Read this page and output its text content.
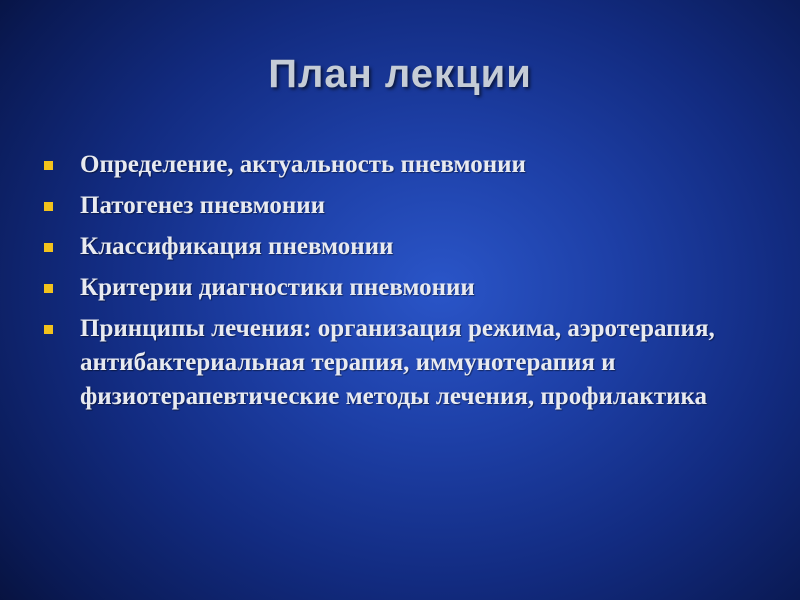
План лекции
Определение, актуальность пневмонии
Патогенез пневмонии
Классификация пневмонии
Критерии диагностики пневмонии
Принципы лечения: организация режима, аэротерапия, антибактериальная терапия, иммунотерапия и физиотерапевтические методы лечения, профилактика
